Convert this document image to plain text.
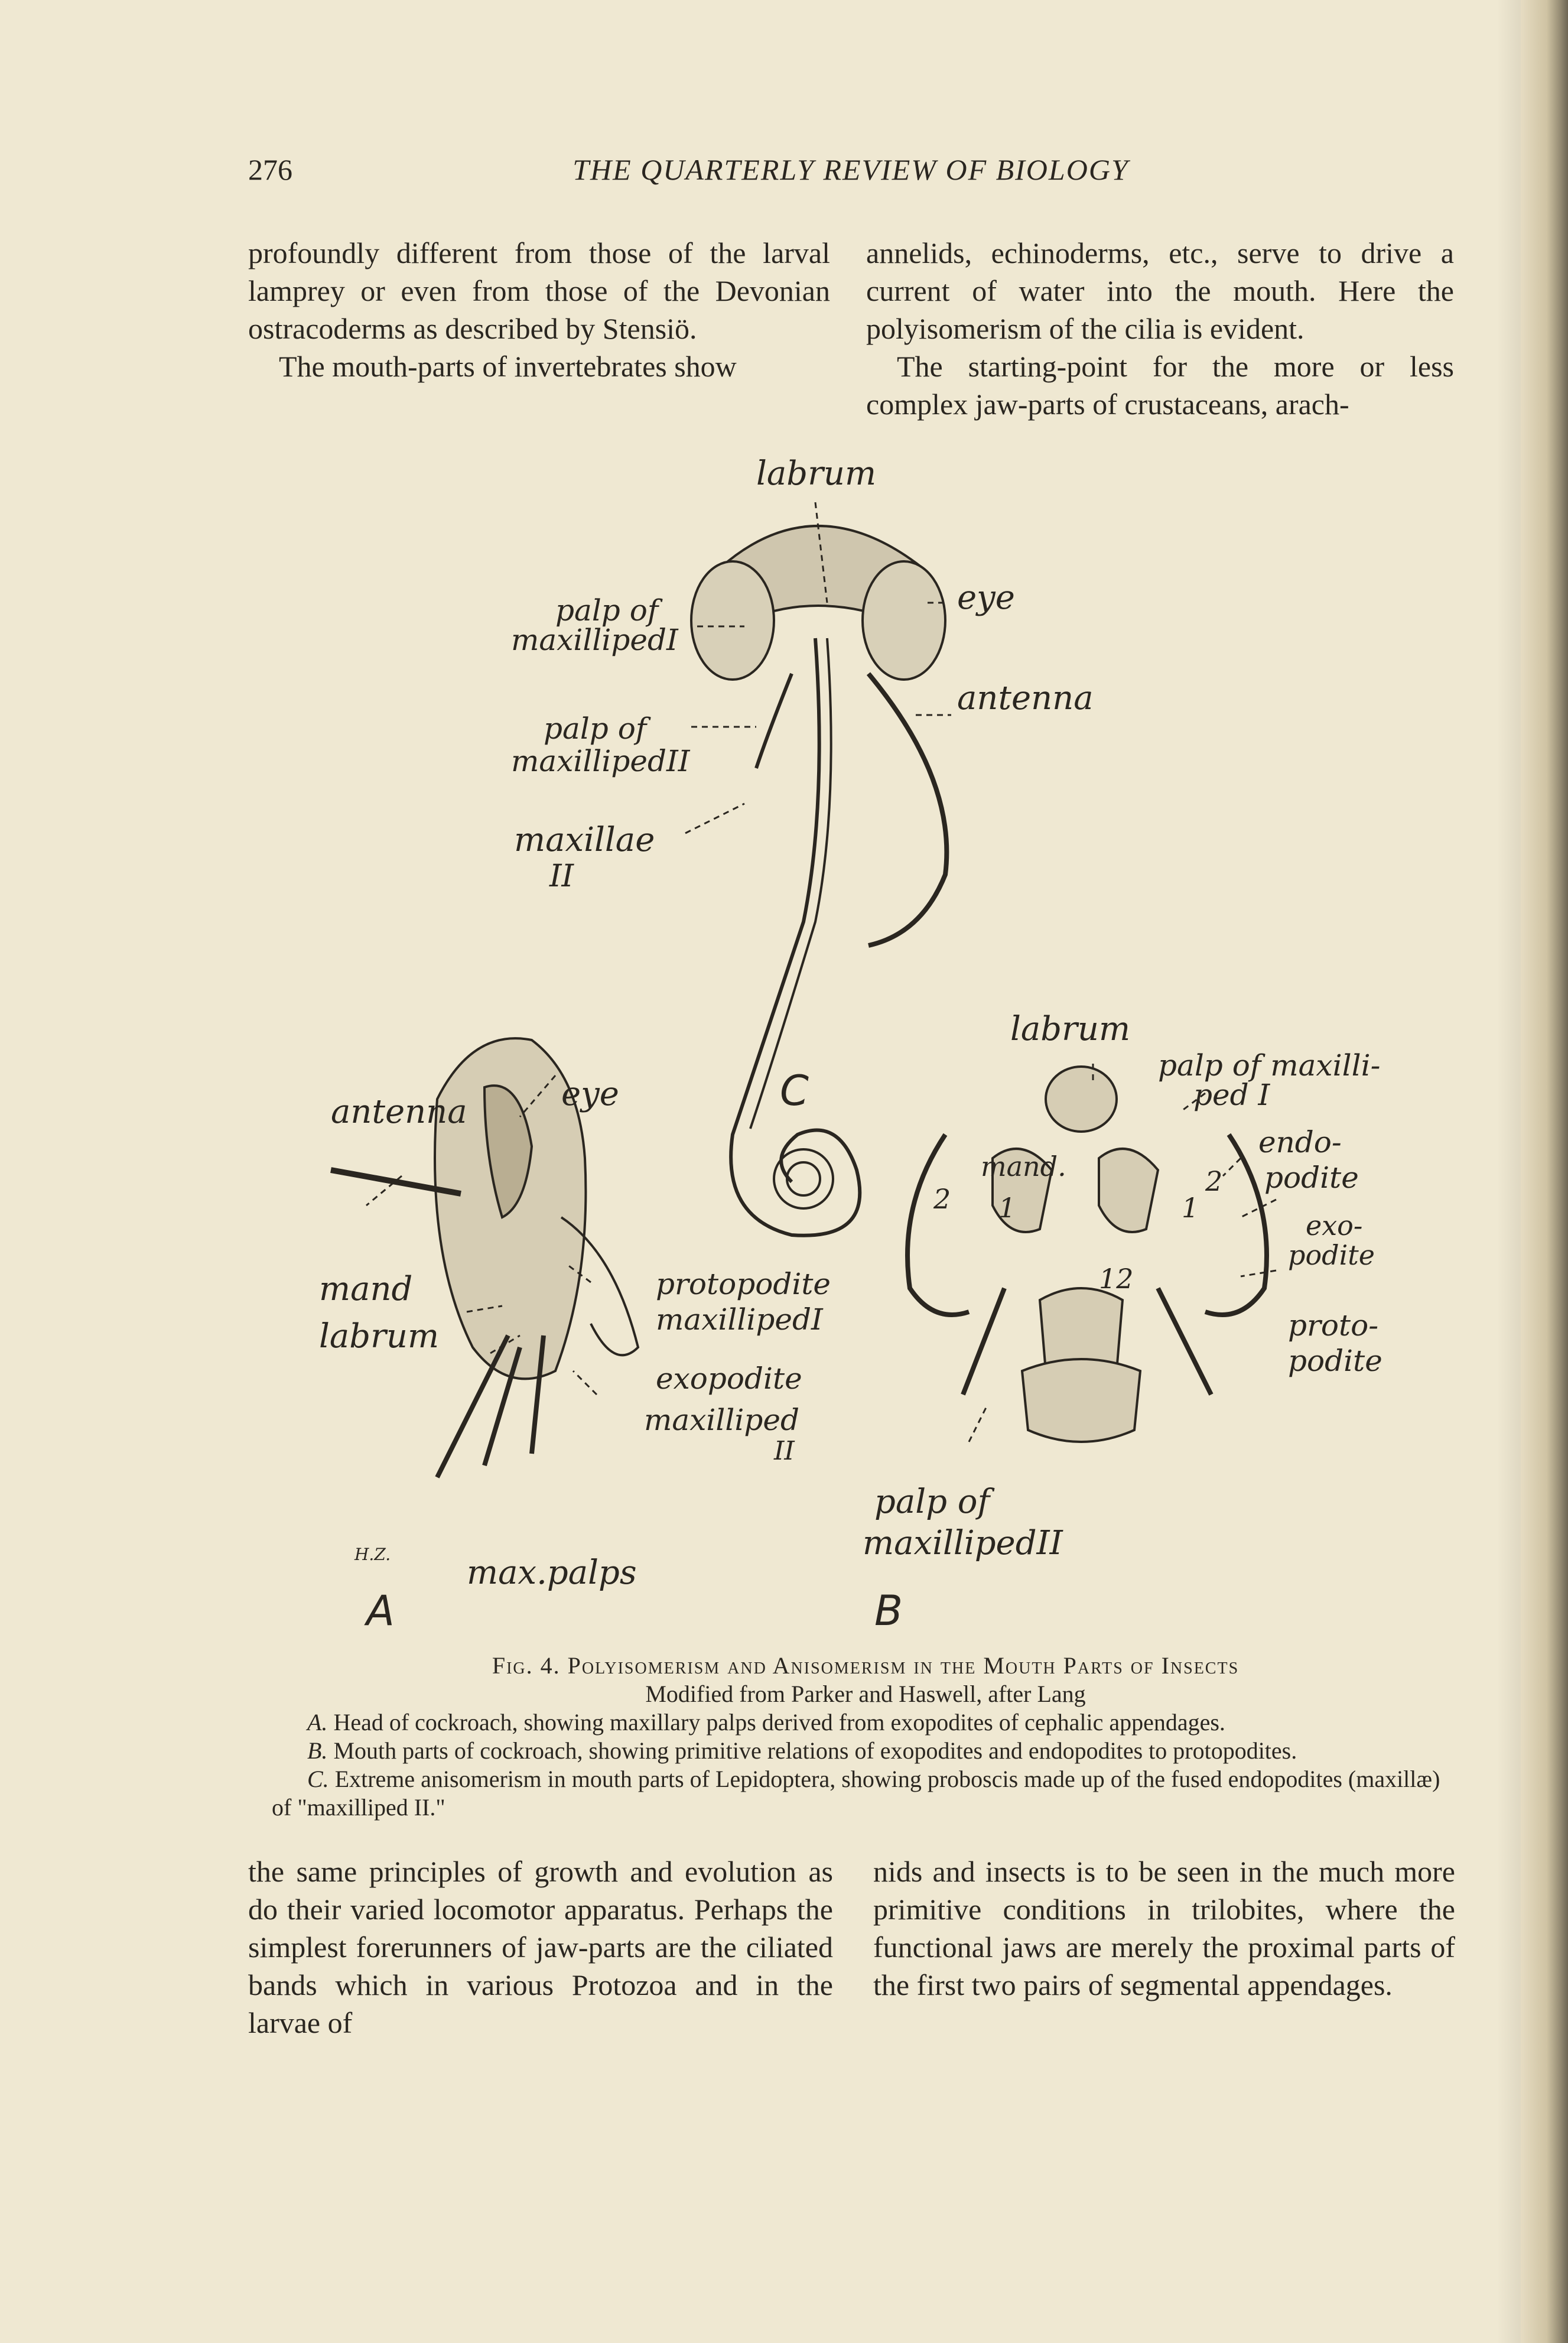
276	THE QUARTERLY REVIEW OF BIOLOGY

profoundly different from those of the larval lamprey or even from those of the Devonian ostracoderms as described by Stensiö.

The mouth-parts of invertebrates show

annelids, echinoderms, etc., serve to drive a current of water into the mouth. Here the polyisomerism of the cilia is evident.

The starting-point for the more or less complex jaw-parts of crustaceans, arach-

labrum
palp of
maxillipedI
eye
palp of
maxillipedII
antenna
maxillae
II
antenna	eye
mand
labrum
protopodite
maxillipedI
exopodite
maxilliped
II
H.Z. max.palps
A
labrum
palp of maxilli-
ped I
mand.
endo-
podite
exo-
podite
proto-
podite
2 1
2
1
12
palp of
maxillipedII
B
C
Fig. 4. Polyisomerism and Anisomerism in the Mouth Parts of Insects
Modified from Parker and Haswell, after Lang

A. Head of cockroach, showing maxillary palps derived from exopodites of cephalic appendages.

B. Mouth parts of cockroach, showing primitive relations of exopodites and endopodites to protopodites.

C. Extreme anisomerism in mouth parts of Lepidoptera, showing proboscis made up of the fused endopodites (maxillæ) of "maxilliped II."

the same principles of growth and evolution as do their varied locomotor apparatus. Perhaps the simplest forerunners of jaw-parts are the ciliated bands which in various Protozoa and in the larvae of

nids and insects is to be seen in the much more primitive conditions in trilobites, where the functional jaws are merely the proximal parts of the first two pairs of segmental appendages.
